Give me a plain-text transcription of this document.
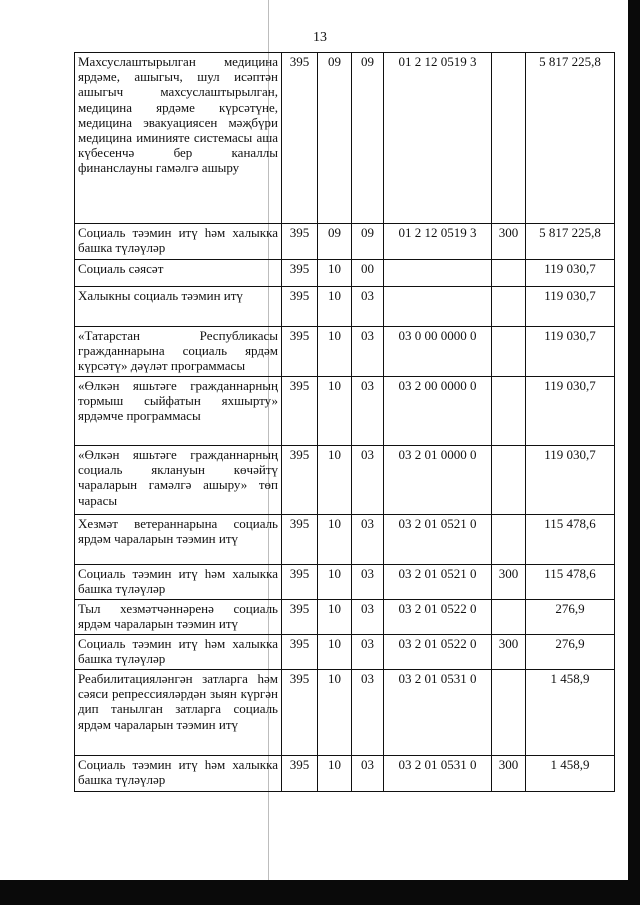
13
Махсуслаштырылган медицина ярдәме, ашыгыч, шул исәптән ашыгыч махсуслаштырылган, медицина ярдәме күрсәтүне, медицина эвакуациясен мәҗбүри медицина иминияте системасы аша күбесенчә бер каналлы финанслауны гамәлгә ашыру	395	09	09	01 2 12 0519 3		5 817 225,8
Социаль тәэмин итү һәм халыкка башка түләүләр	395	09	09	01 2 12 0519 3	300	5 817 225,8
Социаль сәясәт	395	10	00			119 030,7
Халыкны социаль тәэмин итү	395	10	03			119 030,7
«Татарстан Республикасы гражданнарына социаль ярдәм күрсәтү» дәүләт программасы	395	10	03	03 0 00 0000 0		119 030,7
«Өлкән яшьтәге гражданнарның тормыш сыйфатын яхшырту» ярдәмче программасы	395	10	03	03 2 00 0000 0		119 030,7
«Өлкән яшьтәге гражданнарның социаль яклануын көчәйтү чараларын гамәлгә ашыру» төп чарасы	395	10	03	03 2 01 0000 0		119 030,7
Хезмәт ветераннарына социаль ярдәм чараларын тәэмин итү	395	10	03	03 2 01 0521 0		115 478,6
Социаль тәэмин итү һәм халыкка башка түләүләр	395	10	03	03 2 01 0521 0	300	115 478,6
Тыл хезмәтчәннәренә социаль ярдәм чараларын тәэмин итү	395	10	03	03 2 01 0522 0		276,9
Социаль тәэмин итү һәм халыкка башка түләүләр	395	10	03	03 2 01 0522 0	300	276,9
Реабилитацияләнгән затларга һәм сәяси репрессияләрдән зыян күргән дип танылган затларга социаль ярдәм чараларын тәэмин итү	395	10	03	03 2 01 0531 0		1 458,9
Социаль тәэмин итү һәм халыкка башка түләүләр	395	10	03	03 2 01 0531 0	300	1 458,9
